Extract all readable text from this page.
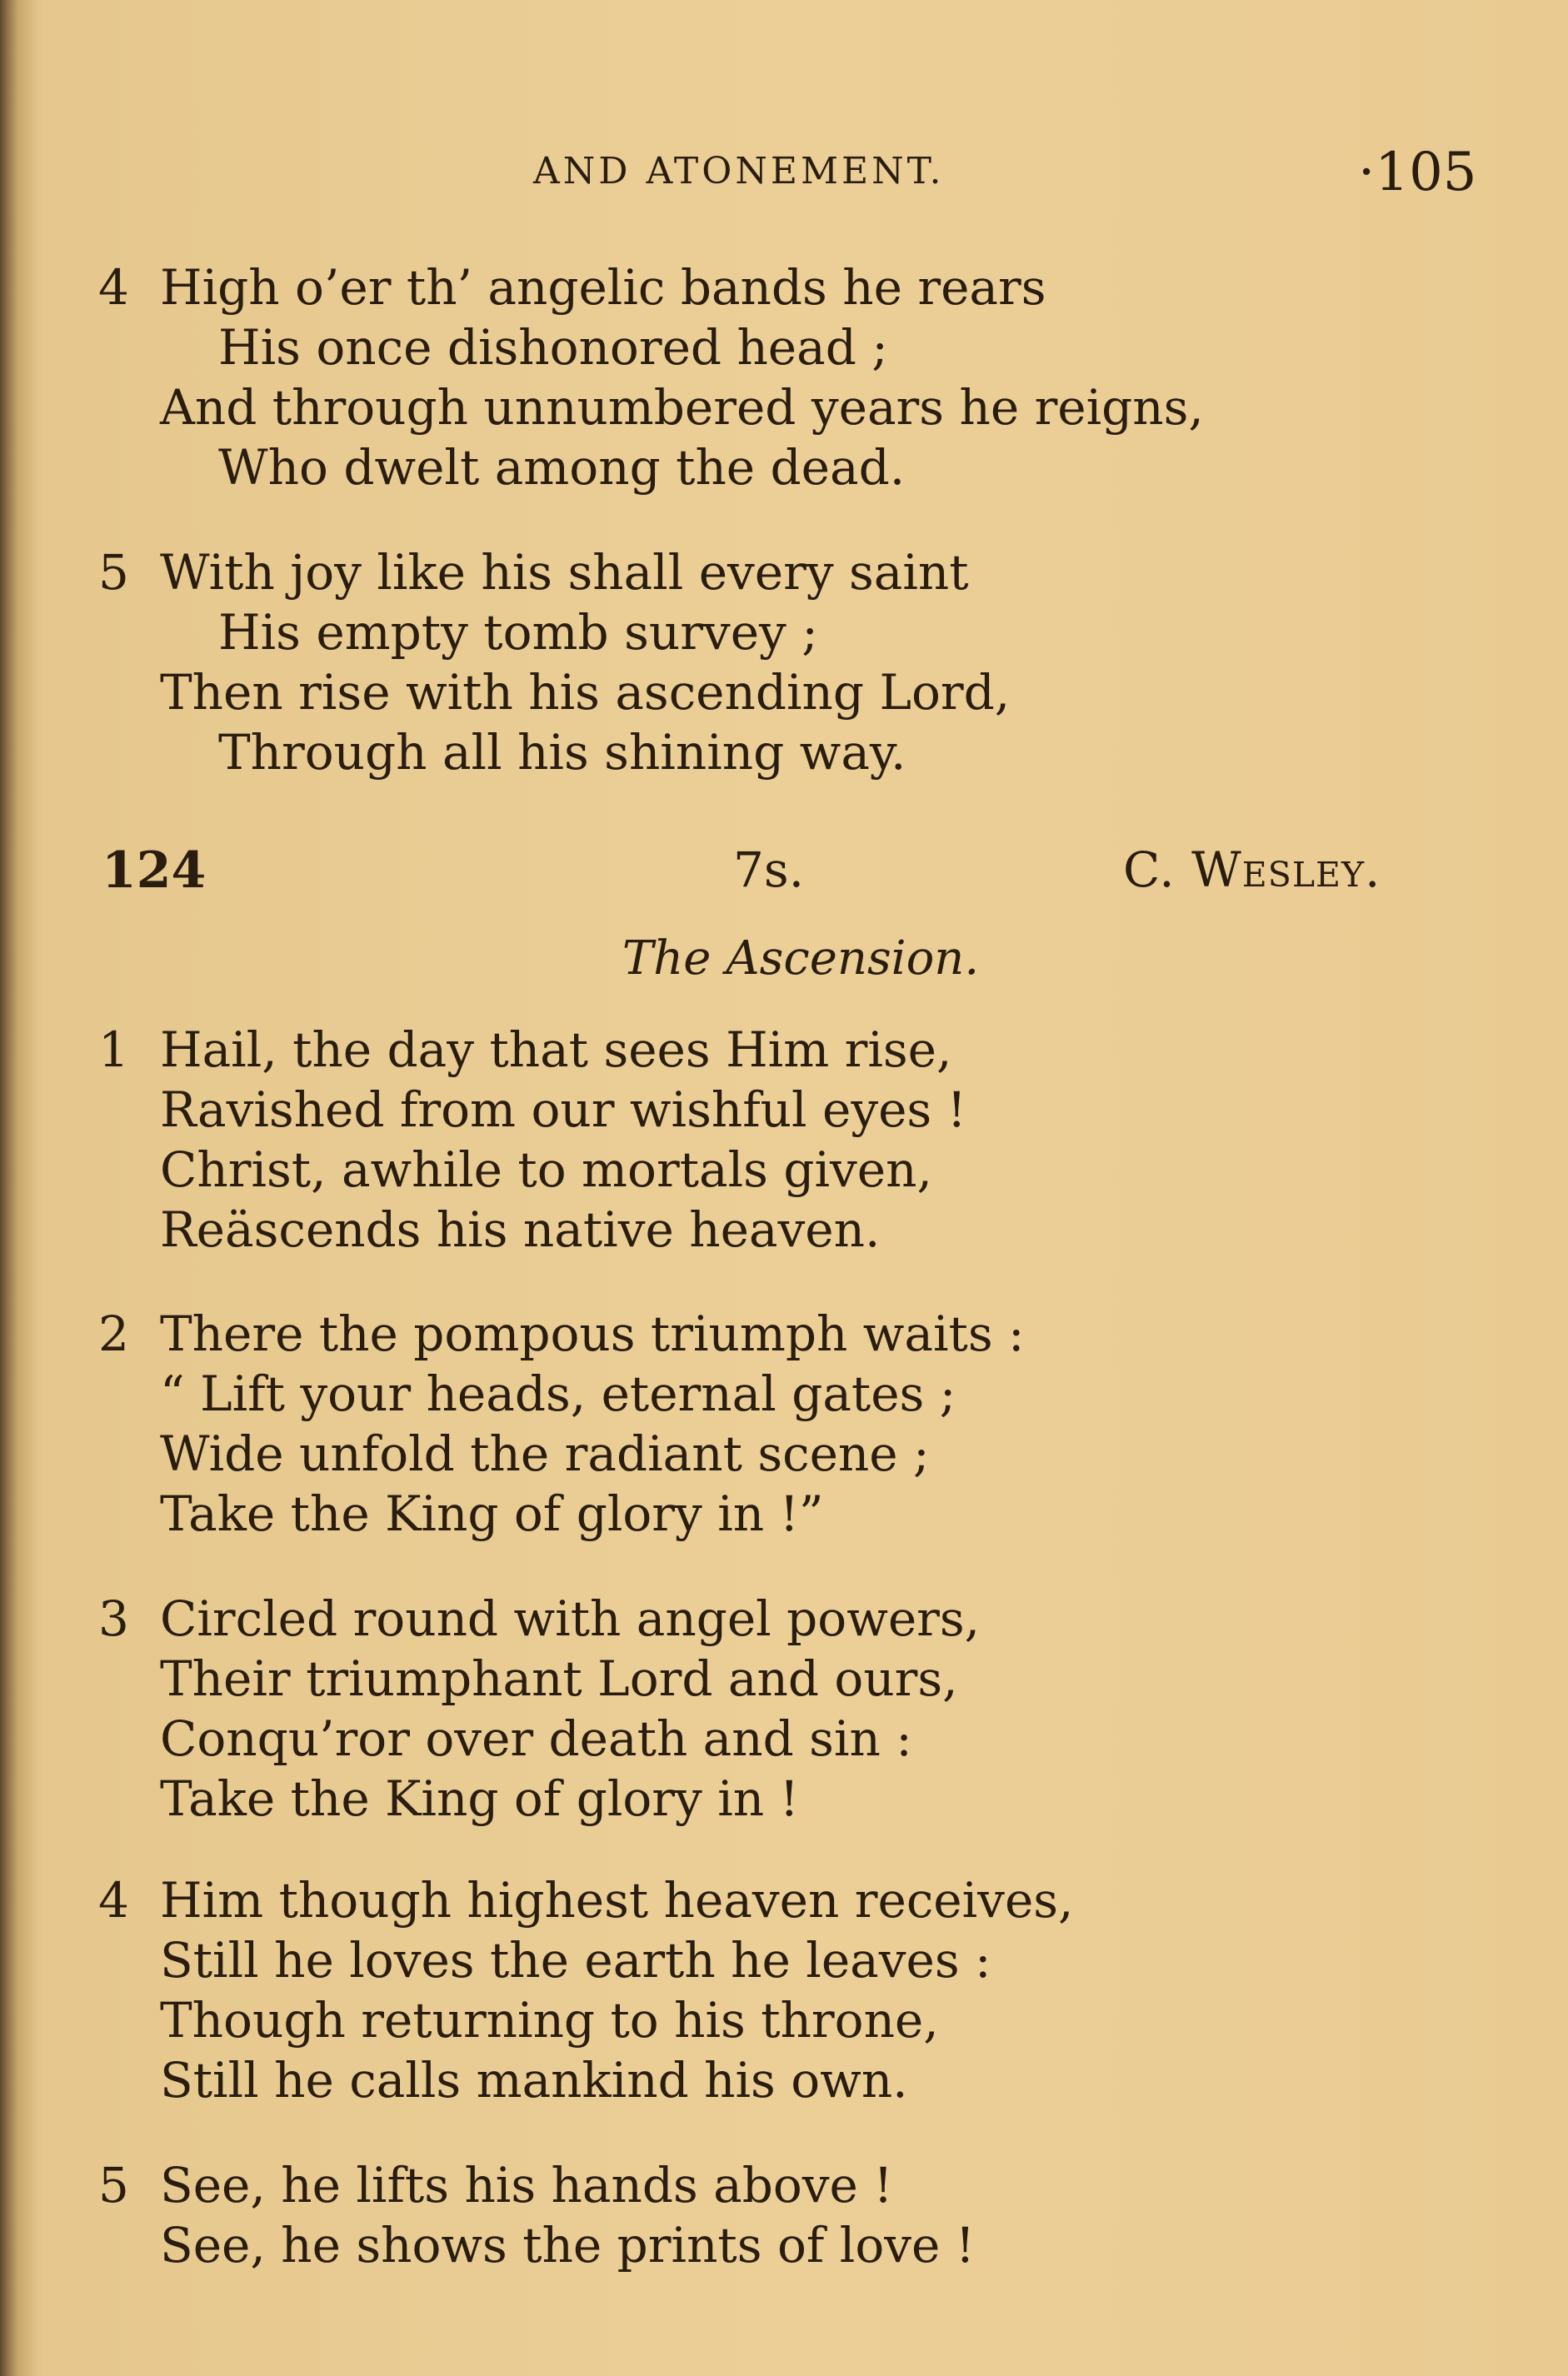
AND ATONEMENT.	·105
4 High o’er th’ angelic bands he rears
His once dishonored head ;
And through unnumbered years he reigns,
Who dwelt among the dead.
5 With joy like his shall every saint
His empty tomb survey ;
Then rise with his ascending Lord,
Through all his shining way.
124	7s.	C. Wesley.
The Ascension.
1 Hail, the day that sees Him rise,
Ravished from our wishful eyes !
Christ, awhile to mortals given,
Reäscends his native heaven.
2 There the pompous triumph waits :
“ Lift your heads, eternal gates ;
Wide unfold the radiant scene ;
Take the King of glory in !”
3 Circled round with angel powers,
Their triumphant Lord and ours,
Conqu’ror over death and sin :
Take the King of glory in !
4 Him though highest heaven receives,
Still he loves the earth he leaves :
Though returning to his throne,
Still he calls mankind his own.
5 See, he lifts his hands above !
See, he shows the prints of love !
